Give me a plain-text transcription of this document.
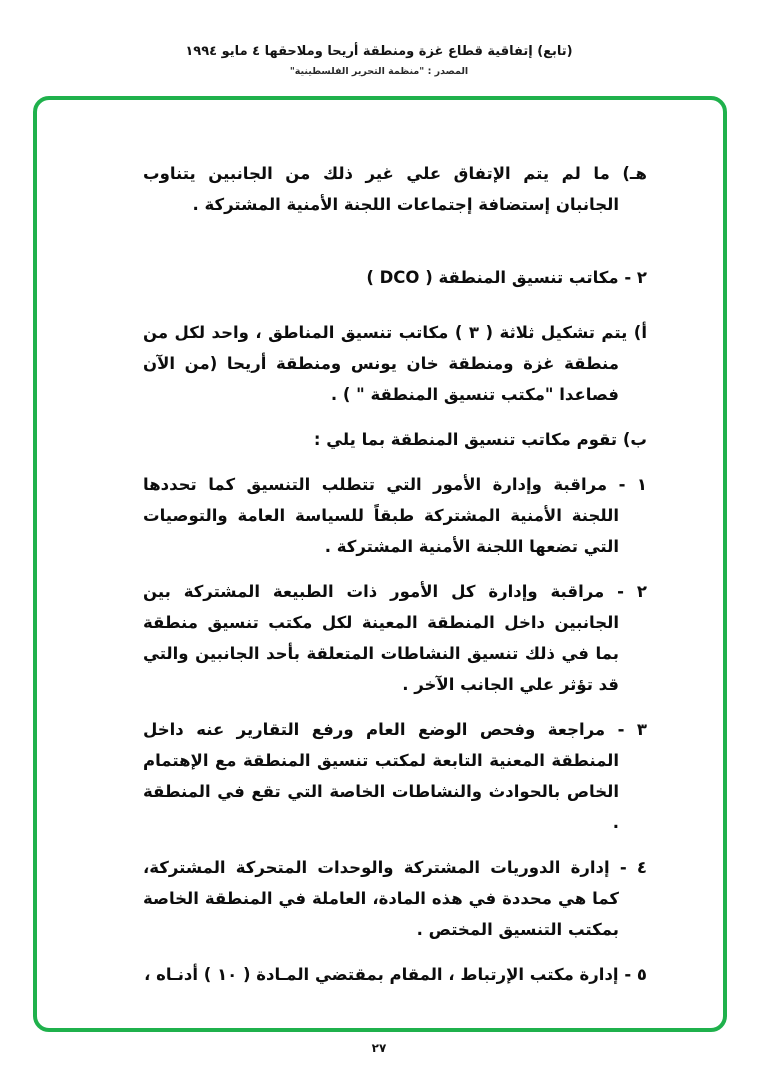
(تابع) إتفاقية قطاع غزة ومنطقة أريحا وملاحقها ٤ مايو ١٩٩٤
المصدر : "منظمة التحرير الفلسطينية"

هـ) ما لم يتم الإتفاق علي غير ذلك من الجانبين يتناوب الجانبان إستضافة إجتماعات اللجنة الأمنية المشتركة .

٢ - مكاتب تنسيق المنطقة ( DCO )

أ) يتم تشكيل ثلاثة ( ٣ ) مكاتب تنسيق المناطق ، واحد لكل من منطقة غزة ومنطقة خان يونس ومنطقة أريحا (من الآن فصاعدا "مكتب تنسيق المنطقة " ) .

ب) تقوم مكاتب تنسيق المنطقة بما يلي :

١ - مراقبة وإدارة الأمور التي تتطلب التنسيق كما تحددها اللجنة الأمنية المشتركة طبقاً للسياسة العامة والتوصيات التي تضعها اللجنة الأمنية المشتركة .

٢ - مراقبة وإدارة كل الأمور ذات الطبيعة المشتركة بين الجانبين داخل المنطقة المعينة لكل مكتب تنسيق منطقة بما في ذلك تنسيق النشاطات المتعلقة بأحد الجانبين والتي قد تؤثر علي الجانب الآخر .

٣ - مراجعة وفحص الوضع العام ورفع التقارير عنه داخل المنطقة المعنية التابعة لمكتب تنسيق المنطقة مع الإهتمام الخاص بالحوادث والنشاطات الخاصة التي تقع في المنطقة .

٤ - إدارة الدوريات المشتركة والوحدات المتحركة المشتركة، كما هي محددة في هذه المادة، العاملة في المنطقة الخاصة بمكتب التنسيق المختص .

٥ - إدارة مكتب الإرتباط ، المقام بمقتضي المـادة ( ١٠ ) أدنـاه ،

٢٧
